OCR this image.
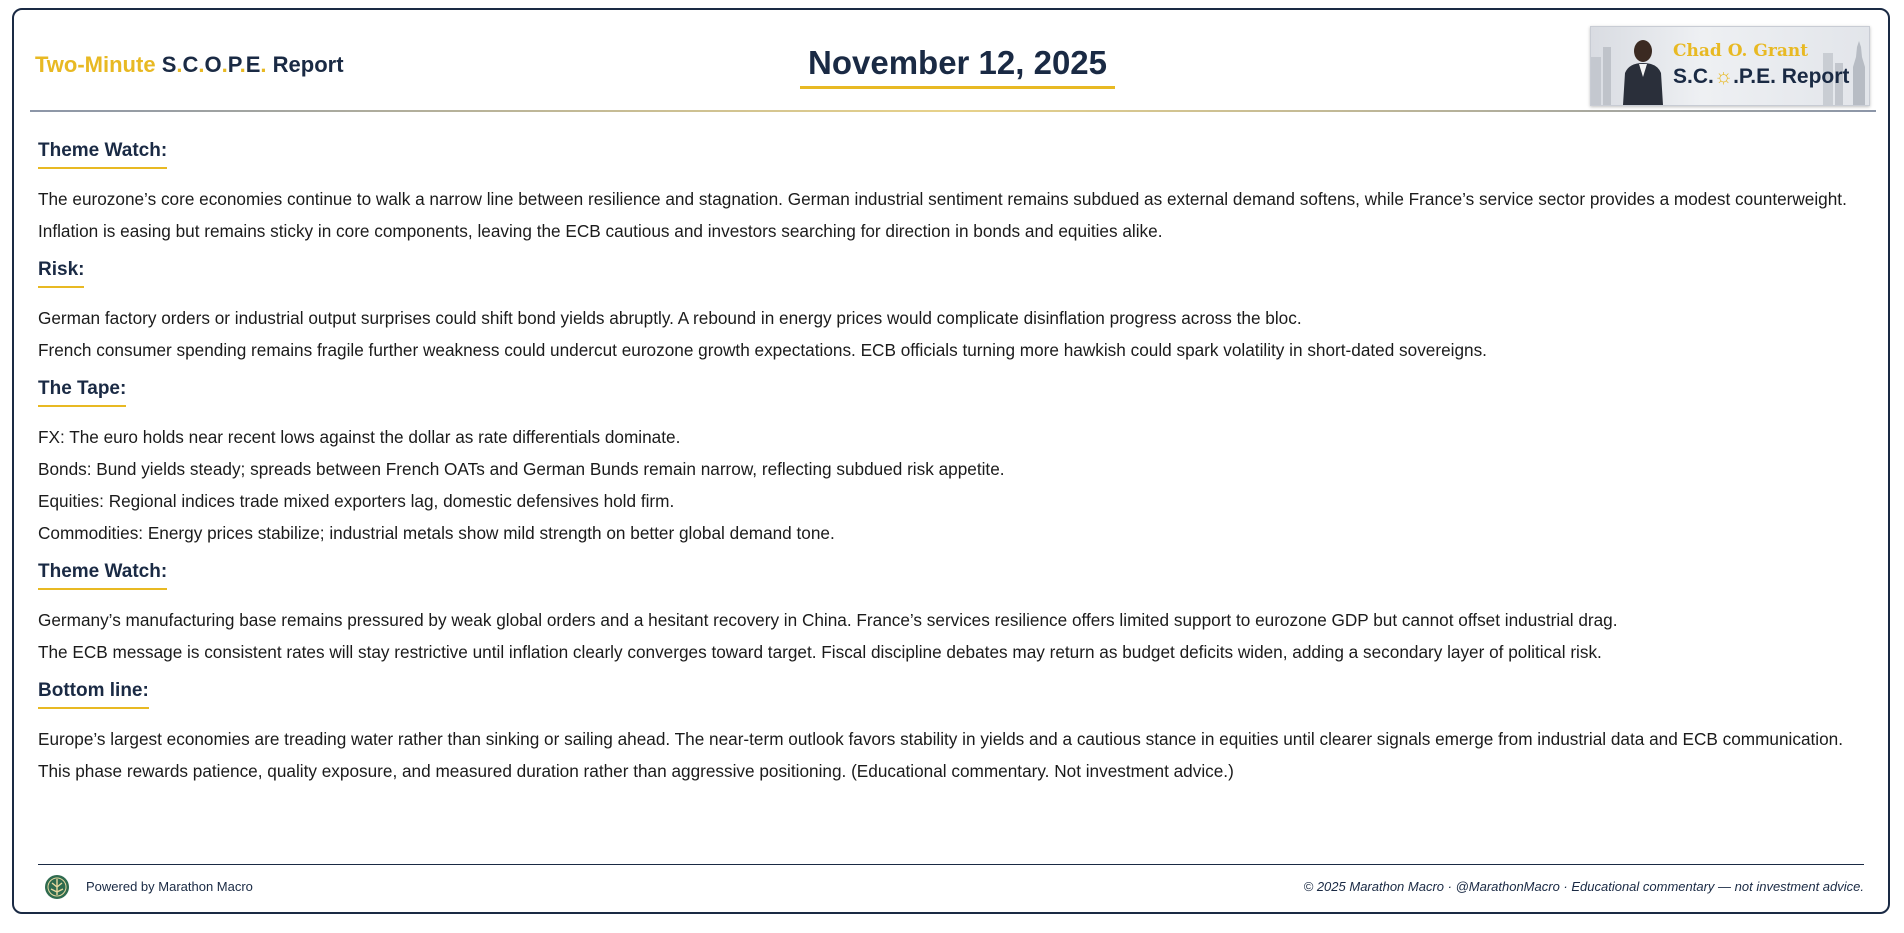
Two-Minute S.C.O.P.E. Report	November 12, 2025	Chad O. Grant
S.C.☼.P.E. Report
Theme Watch:

The eurozone’s core economies continue to walk a narrow line between resilience and stagnation. German industrial sentiment remains subdued as external demand softens, while France’s service sector provides a modest counterweight. Inflation is easing but remains sticky in core components, leaving the ECB cautious and investors searching for direction in bonds and equities alike.

Risk:

German factory orders or industrial output surprises could shift bond yields abruptly. A rebound in energy prices would complicate disinflation progress across the bloc.

French consumer spending remains fragile further weakness could undercut eurozone growth expectations. ECB officials turning more hawkish could spark volatility in short-dated sovereigns.

The Tape:

FX: The euro holds near recent lows against the dollar as rate differentials dominate.

Bonds: Bund yields steady; spreads between French OATs and German Bunds remain narrow, reflecting subdued risk appetite.

Equities: Regional indices trade mixed exporters lag, domestic defensives hold firm.

Commodities: Energy prices stabilize; industrial metals show mild strength on better global demand tone.

Theme Watch:

Germany’s manufacturing base remains pressured by weak global orders and a hesitant recovery in China. France’s services resilience offers limited support to eurozone GDP but cannot offset industrial drag.

The ECB message is consistent rates will stay restrictive until inflation clearly converges toward target. Fiscal discipline debates may return as budget deficits widen, adding a secondary layer of political risk.

Bottom line:

Europe’s largest economies are treading water rather than sinking or sailing ahead. The near-term outlook favors stability in yields and a cautious stance in equities until clearer signals emerge from industrial data and ECB communication. This phase rewards patience, quality exposure, and measured duration rather than aggressive positioning. (Educational commentary. Not investment advice.)

Powered by Marathon Macro	© 2025 Marathon Macro · @MarathonMacro · Educational commentary — not investment advice.
